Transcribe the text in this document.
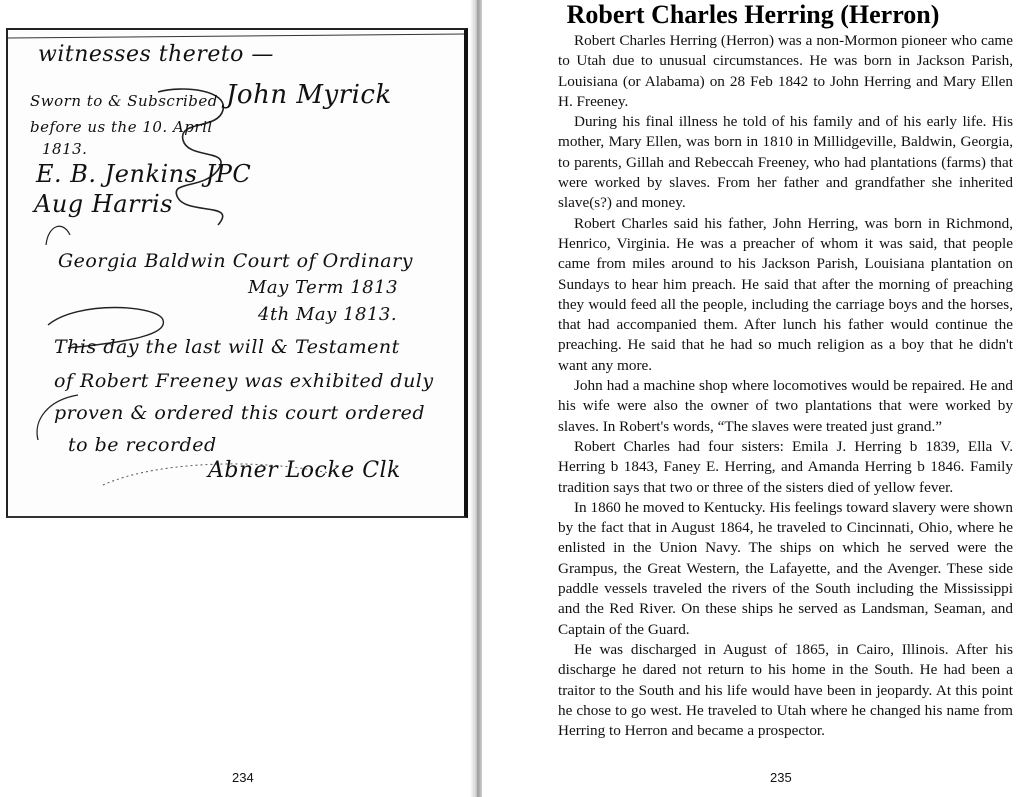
witnesses thereto —
Sworn to & Subscribed John Myrick
before us the 10. April
1813.
E. B. Jenkins JPC
Aug Harris
Georgia Baldwin Court of Ordinary
May Term 1813
4th May 1813.
This day the last will & Testament
of Robert Freeney was exhibited duly
proven & ordered this court ordered
to be recorded
Abner Locke Clk
234
Robert Charles Herring (Herron)

Robert Charles Herring (Herron) was a non-Mormon pioneer who came to Utah due to unusual circumstances. He was born in Jackson Parish, Louisiana (or Alabama) on 28 Feb 1842 to John Herring and Mary Ellen H. Freeney.

During his final illness he told of his family and of his early life. His mother, Mary Ellen, was born in 1810 in Millidgeville, Baldwin, Georgia, to parents, Gillah and Rebeccah Freeney, who had plantations (farms) that were worked by slaves. From her father and grandfather she inherited slave(s?) and money.

Robert Charles said his father, John Herring, was born in Richmond, Henrico, Virginia. He was a preacher of whom it was said, that people came from miles around to his Jackson Parish, Louisiana plantation on Sundays to hear him preach. He said that after the morning of preaching they would feed all the people, including the carriage boys and the horses, that had accompanied them. After lunch his father would continue the preaching. He said that he had so much religion as a boy that he didn't want any more.

John had a machine shop where locomotives would be repaired. He and his wife were also the owner of two plantations that were worked by slaves. In Robert's words, “The slaves were treated just grand.”

Robert Charles had four sisters: Emila J. Herring b 1839, Ella V. Herring b 1843, Faney E. Herring, and Amanda Herring b 1846. Family tradition says that two or three of the sisters died of yellow fever.

In 1860 he moved to Kentucky. His feelings toward slavery were shown by the fact that in August 1864, he traveled to Cincinnati, Ohio, where he enlisted in the Union Navy. The ships on which he served were the Grampus, the Great Western, the Lafayette, and the Avenger. These side paddle vessels traveled the rivers of the South including the Mississippi and the Red River. On these ships he served as Landsman, Seaman, and Captain of the Guard.

He was discharged in August of 1865, in Cairo, Illinois. After his discharge he dared not return to his home in the South. He had been a traitor to the South and his life would have been in jeopardy. At this point he chose to go west. He traveled to Utah where he changed his name from Herring to Herron and became a prospector.

235
